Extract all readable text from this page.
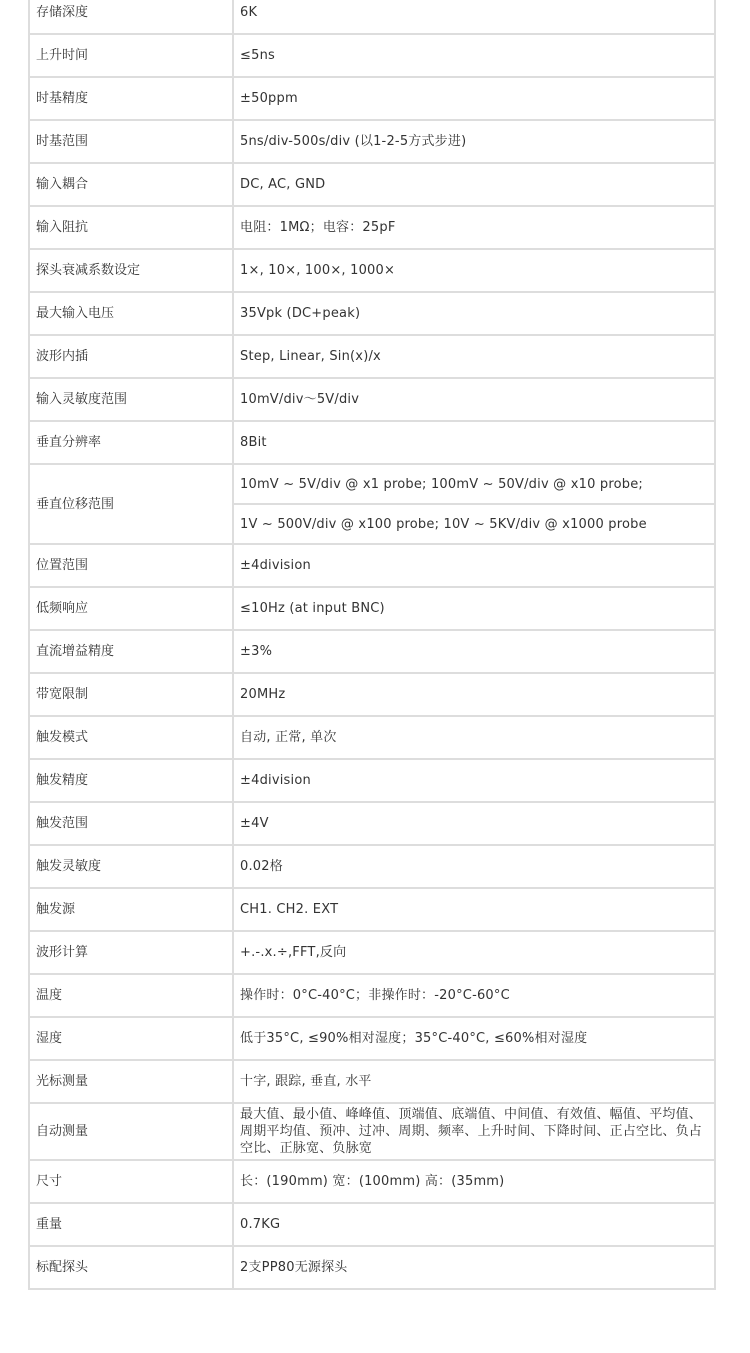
存储深度	6K
上升时间	≤5ns
时基精度	±50ppm
时基范围	5ns/div-500s/div (以1-2-5方式步进)
输入耦合	DC, AC, GND
输入阻抗	电阻：1MΩ；电容：25pF
探头衰减系数设定	1×, 10×, 100×, 1000×
最大输入电压	35Vpk (DC+peak)
波形内插	Step, Linear, Sin(x)/x
输入灵敏度范围	10mV/div～5V/div
垂直分辨率	8Bit
垂直位移范围	10mV ~ 5V/div @ x1 probe; 100mV ~ 50V/div @ x10 probe;
	1V ~ 500V/div @ x100 probe; 10V ~ 5KV/div @ x1000 probe
位置范围	±4division
低频响应	≤10Hz (at input BNC)
直流增益精度	±3%
带宽限制	20MHz
触发模式	自动, 正常, 单次
触发精度	±4division
触发范围	±4V
触发灵敏度	0.02格
触发源	CH1. CH2. EXT
波形计算	+.-.x.÷,FFT,反向
温度	操作时：0°C-40°C；非操作时：-20°C-60°C
湿度	低于35°C, ≤90%相对湿度；35°C-40°C, ≤60%相对湿度
光标测量	十字, 跟踪, 垂直, 水平
自动测量	最大值、最小值、峰峰值、顶端值、底端值、中间值、有效值、幅值、平均值、周期平均值、预冲、过冲、周期、频率、上升时间、下降时间、正占空比、负占空比、正脉宽、负脉宽
尺寸	长：(190mm) 宽：(100mm) 高：(35mm)
重量	0.7KG
标配探头	2支PP80无源探头
